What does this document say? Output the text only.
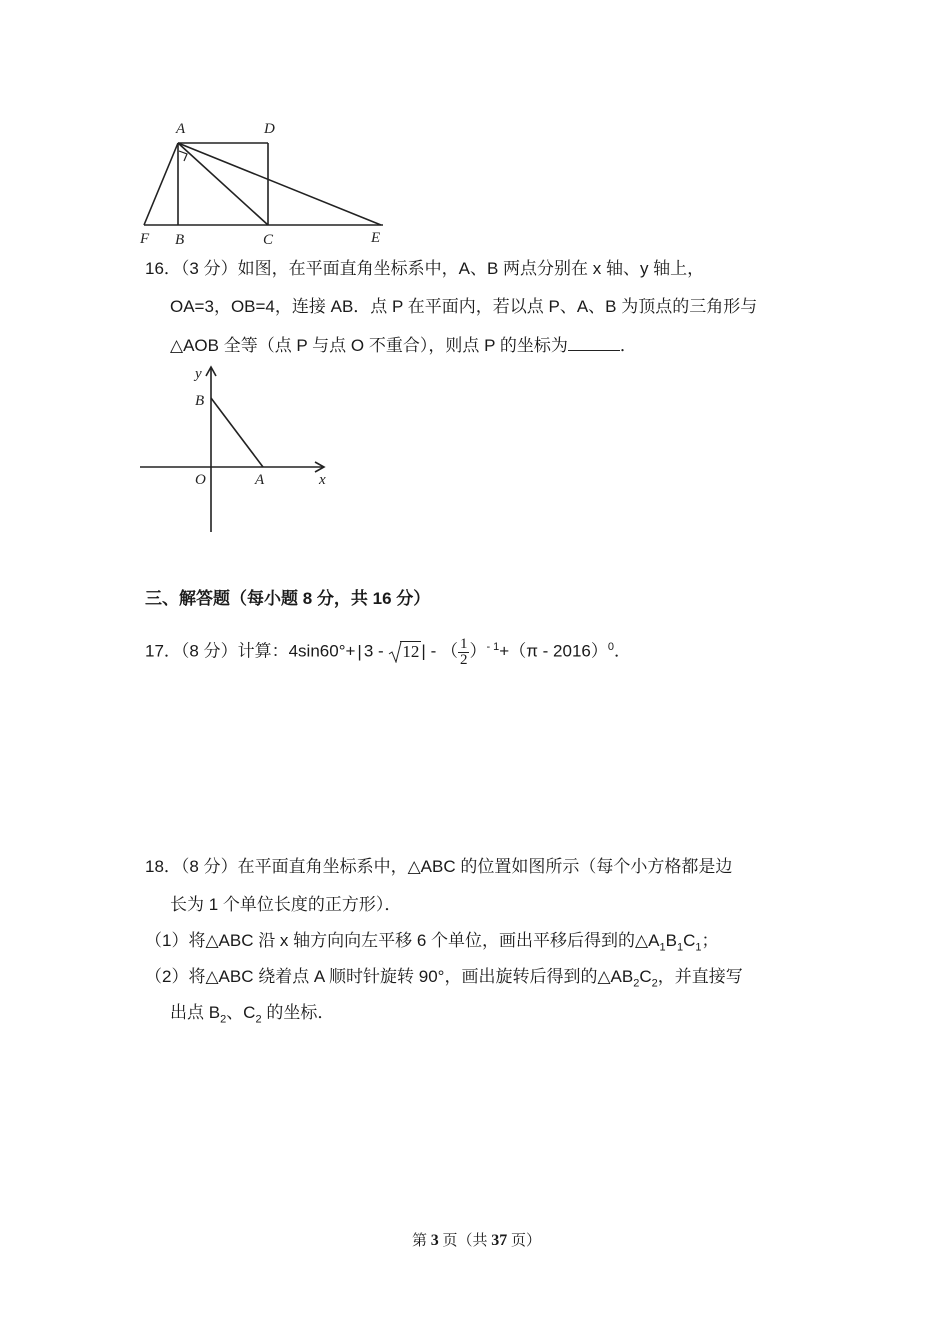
A	D
F B	C	E
16．（3 分）如图，在平面直角坐标系中，A、B 两点分别在 x 轴、y 轴上，
OA=3，OB=4，连接 AB．点 P 在平面内，若以点 P、A、B 为顶点的三角形与
△AOB 全等（点 P 与点 O 不重合），则点 P 的坐标为	．
y
B
O	A	x
三、解答题（每小题 8 分，共 16 分）
17．（8 分）计算：4sin60°+ | 3 - 12 | - （ $\frac{1}{2} )^{- 1}+(\pi - 2016)^0$．
18．（8 分）在平面直角坐标系中，△ABC 的位置如图所示（每个小方格都是边
长为 1 个单位长度的正方形）．
（1）将△ABC 沿 x 轴方向向左平移 6 个单位，画出平移后得到的$\triangle A_1B_1C_1$；
（2）将△ABC 绕着点 A 顺时针旋转 90°，画出旋转后得到的$\triangle AB_2C_2$，并直接写
出点 $B_2$、$C_2$ 的坐标．
第 3 页（共 37 页）
